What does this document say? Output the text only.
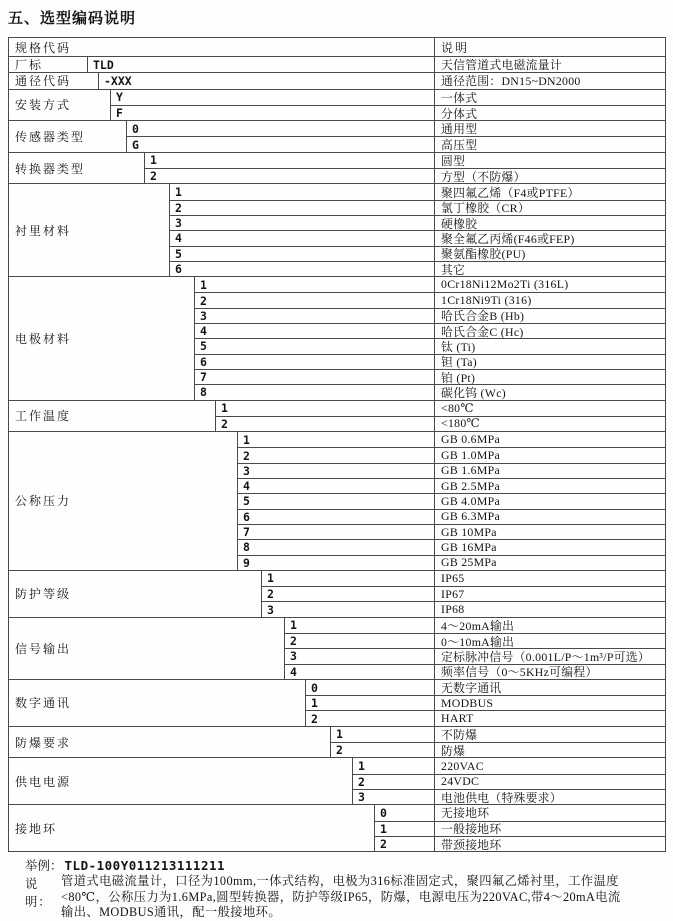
五、选型编码说明
规格代码	说明
厂标	TLD	天信管道式电磁流量计
通径代码	-XXX	通径范围：DN15~DN2000
安装方式
Y	一体式
F	分体式
传感器类型
0	通用型
G	高压型
转换器类型
1	圆型
2	方型（不防爆）
衬里材料
1	聚四氟乙烯（F4或PTFE）
2	氯丁橡胶（CR）
3	硬橡胶
4	聚全氟乙丙烯(F46或FEP)
5	聚氨酯橡胶(PU)
6	其它
电极材料
1	0Cr18Ni12Mo2Ti (316L)
2	1Cr18Ni9Ti (316)
3	哈氏合金B (Hb)
4	哈氏合金C (Hc)
5	钛 (Ti)
6	钽 (Ta)
7	铂 (Pt)
8	碳化钨 (Wc)
工作温度
1	<80℃
2	<180℃
公称压力
1	GB 0.6MPa
2	GB 1.0MPa
3	GB 1.6MPa
4	GB 2.5MPa
5	GB 4.0MPa
6	GB 6.3MPa
7	GB 10MPa
8	GB 16MPa
9	GB 25MPa
防护等级
1	IP65
2	IP67
3	IP68
信号输出
1	4～20mA输出
2	0～10mA输出
3	定标脉冲信号（0.001L/P～1m³/P可选）
4	频率信号（0～5KHz可编程）
数字通讯
0	无数字通讯
1	MODBUS
2	HART
防爆要求
1	不防爆
2	防爆
供电电源
1	220VAC
2	24VDC
3	电池供电（特殊要求）
接地环
0	无接地环
1	一般接地环
2	带颈接地环
举例： TLD-100Y011213111211
说明：
管道式电磁流量计，口径为100mm,一体式结构，电极为316标准固定式，聚四氟乙烯衬里，工作温度
<80℃，公称压力为1.6MPa,圆型转换器，防护等级IP65，防爆，电源电压为220VAC,带4～20mA电流
输出、MODBUS通讯，配一般接地环。
